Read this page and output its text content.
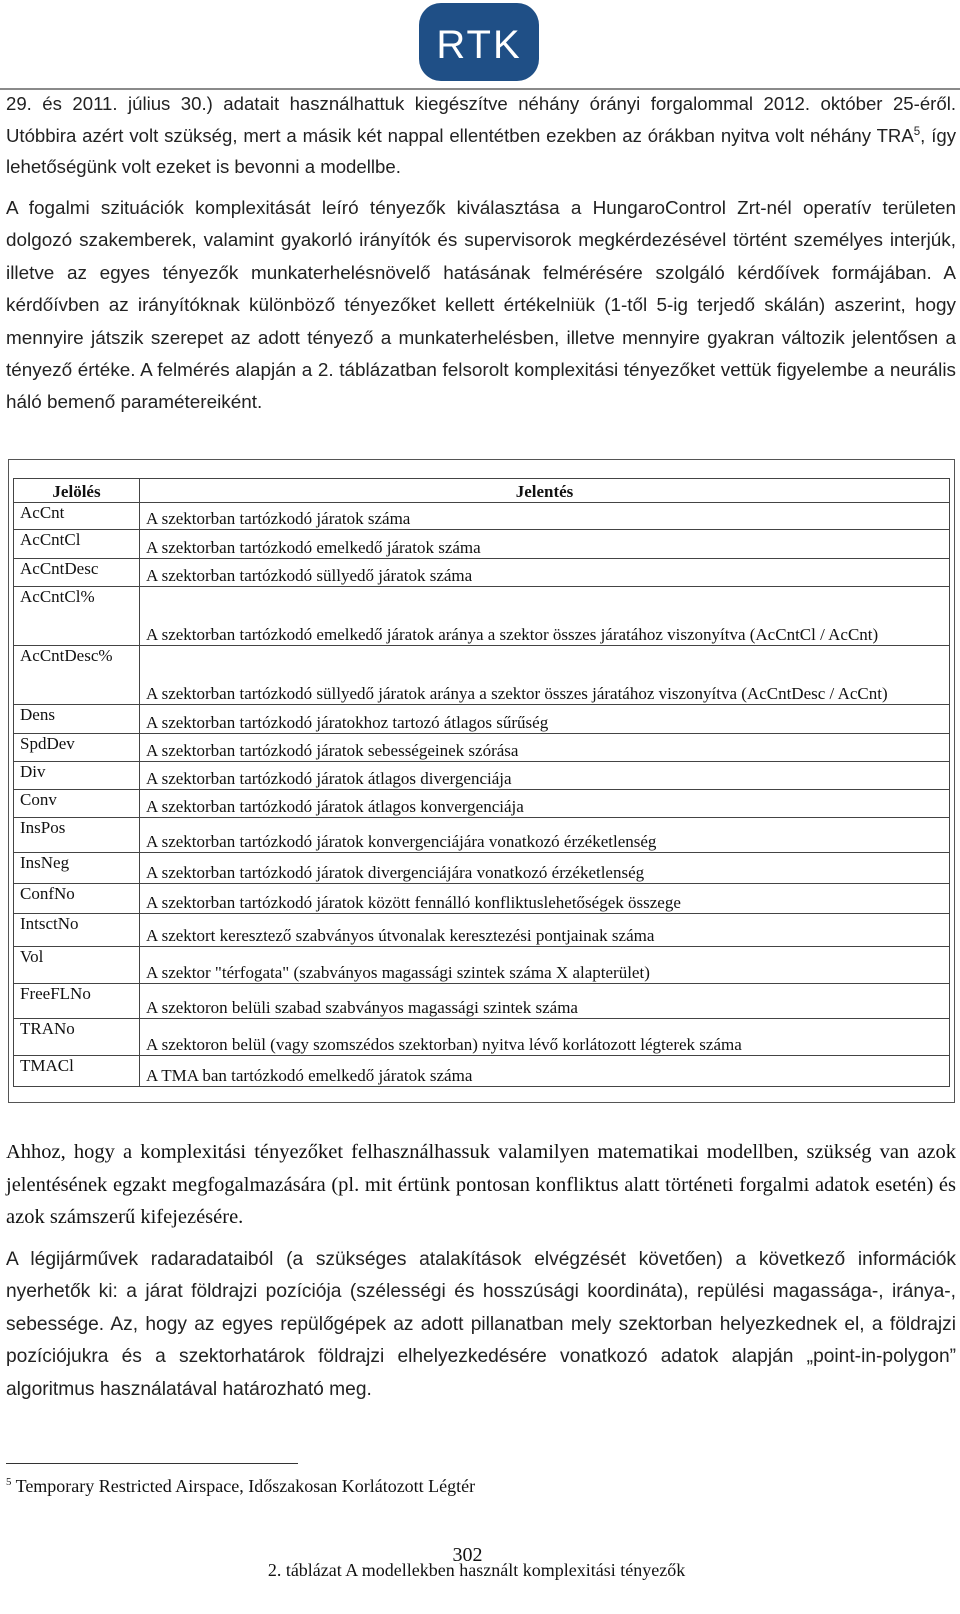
RTK

29. és 2011. július 30.) adatait használhattuk kiegészítve néhány órányi forgalommal 2012. október 25-éről. Utóbbira azért volt szükség, mert a másik két nappal ellentétben ezekben az órákban nyitva volt néhány TRA$^5$, így lehetőségünk volt ezeket is bevonni a modellbe.

A fogalmi szituációk komplexitását leíró tényezők kiválasztása a HungaroControl Zrt-nél operatív területen dolgozó szakemberek, valamint gyakorló irányítók és supervisorok megkérdezésével történt személyes interjúk, illetve az egyes tényezők munkaterhelésnövelő hatásának felmérésére szolgáló kérdőívek formájában. A kérdőívben az irányítóknak különböző tényezőket kellett értékelniük (1-től 5-ig terjedő skálán) aszerint, hogy mennyire játszik szerepet az adott tényező a munkaterhelésben, illetve mennyire gyakran változik jelentősen a tényező értéke. A felmérés alapján a 2. táblázatban felsorolt komplexitási tényezőket vettük figyelembe a neurális háló bemenő paramétereiként.

Jelölés	Jelentés
AcCnt	A szektorban tartózkodó járatok száma
AcCntCl	A szektorban tartózkodó emelkedő járatok száma
AcCntDesc	A szektorban tartózkodó süllyedő járatok száma
AcCntCl%	A szektorban tartózkodó emelkedő járatok aránya a szektor összes járatához viszonyítva (AcCntCl / AcCnt)
AcCntDesc%	A szektorban tartózkodó süllyedő járatok aránya a szektor összes járatához viszonyítva (AcCntDesc / AcCnt)
Dens	A szektorban tartózkodó járatokhoz tartozó átlagos sűrűség
SpdDev	A szektorban tartózkodó járatok sebességeinek szórása
Div	A szektorban tartózkodó járatok átlagos divergenciája
Conv	A szektorban tartózkodó járatok átlagos konvergenciája
InsPos	A szektorban tartózkodó járatok konvergenciájára vonatkozó érzéketlenség
InsNeg	A szektorban tartózkodó járatok divergenciájára vonatkozó érzéketlenség
ConfNo	A szektorban tartózkodó járatok között fennálló konfliktuslehetőségek összege
IntsctNo	A szektort keresztező szabványos útvonalak keresztezési pontjainak száma
Vol	A szektor "térfogata" (szabványos magassági szintek száma X alapterület)
FreeFLNo	A szektoron belüli szabad szabványos magassági szintek száma
TRANo	A szektoron belül (vagy szomszédos szektorban) nyitva lévő korlátozott légterek száma
TMACl	A TMA ban tartózkodó emelkedő járatok száma
2. táblázat A modellekben használt komplexitási tényezők

Ahhoz, hogy a komplexitási tényezőket felhasználhassuk valamilyen matematikai modellben, szükség van azok jelentésének egzakt megfogalmazására (pl. mit értünk pontosan konfliktus alatt történeti forgalmi adatok esetén) és azok számszerű kifejezésére.

A légijárművek radaradataiból (a szükséges atalakítások elvégzését követően) a következő információk nyerhetők ki: a járat földrajzi pozíciója (szélességi és hosszúsági koordináta), repülési magassága-, iránya-, sebessége. Az, hogy az egyes repülőgépek az adott pillanatban mely szektorban helyezkednek el, a földrajzi pozíciójukra és a szektorhatárok földrajzi elhelyezkedésére vonatkozó adatok alapján „point-in-polygon” algoritmus használatával határozható meg.

$^5$ Temporary Restricted Airspace, Időszakosan Korlátozott Légtér
302
